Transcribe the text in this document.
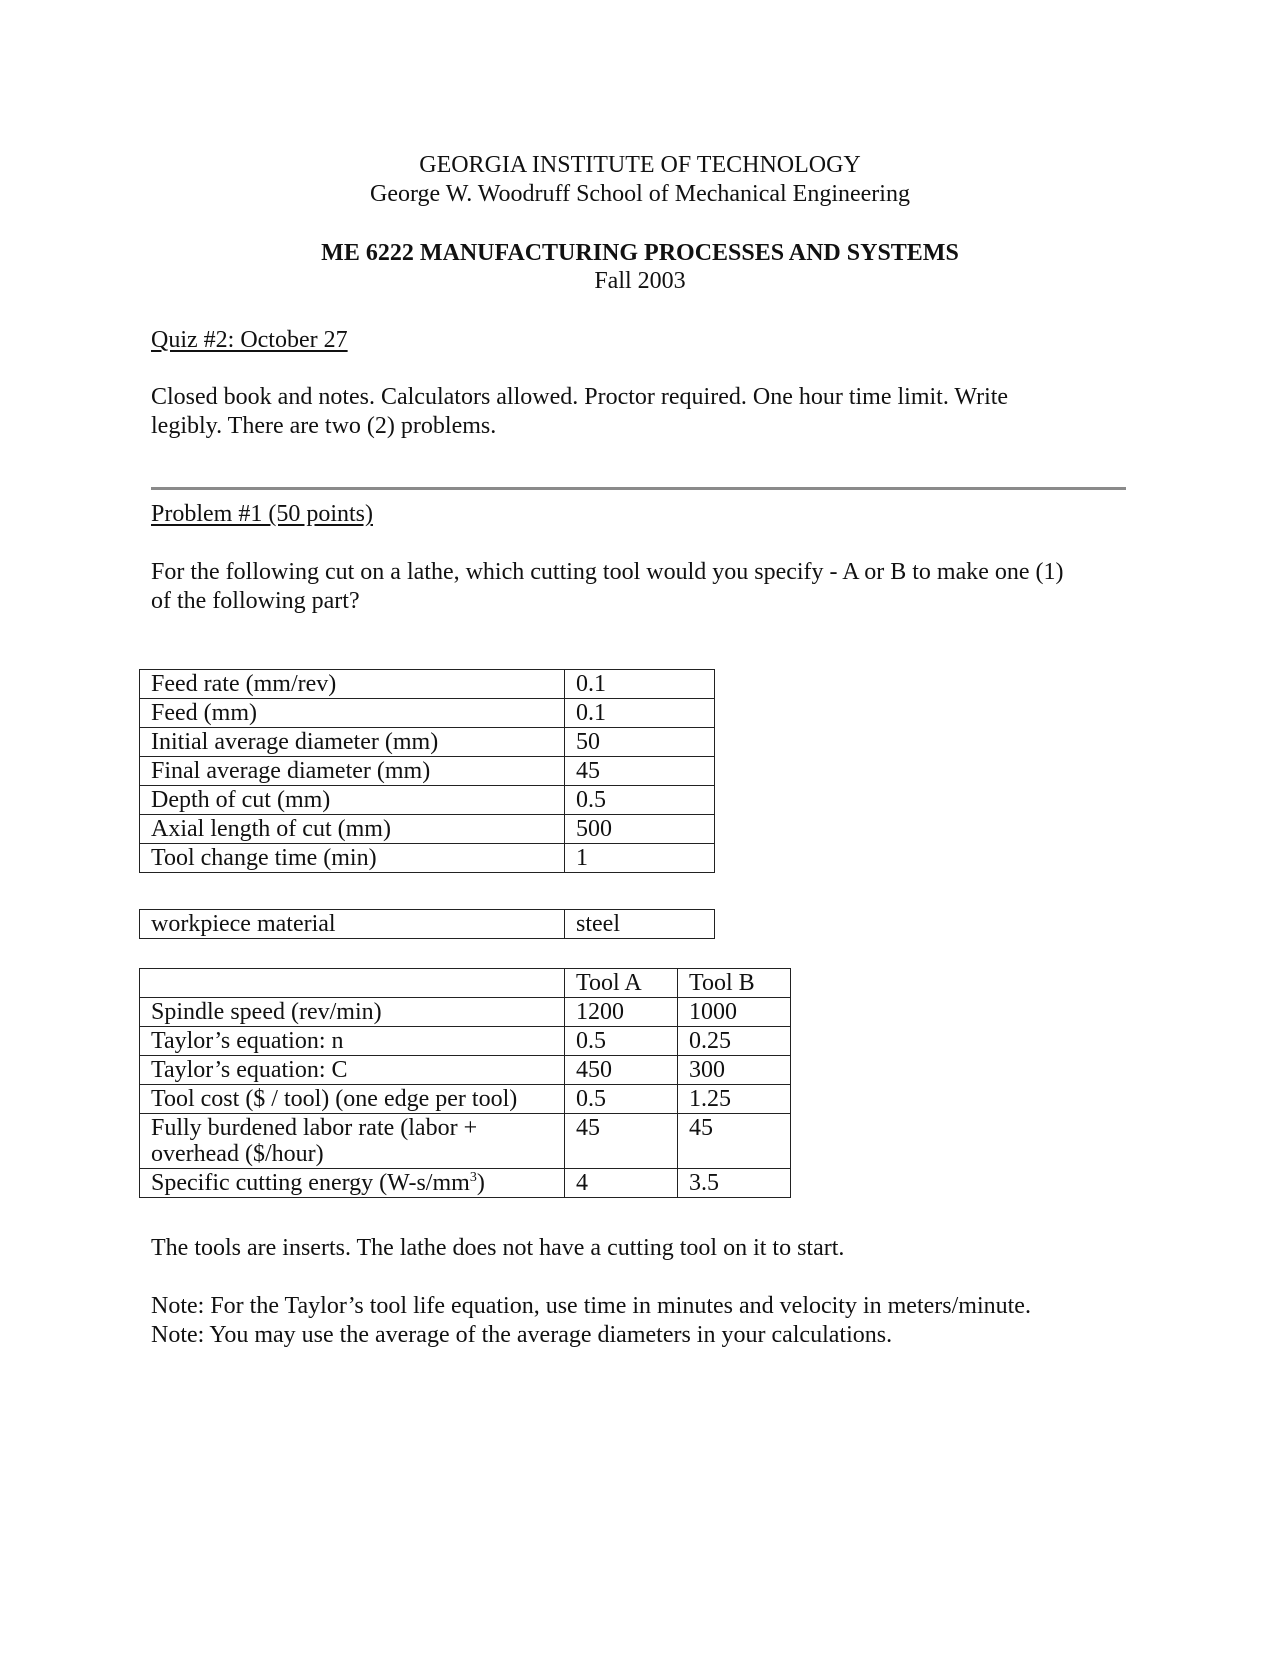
GEORGIA INSTITUTE OF TECHNOLOGY
George W. Woodruff School of Mechanical Engineering
ME 6222 MANUFACTURING PROCESSES AND SYSTEMS
Fall 2003
Quiz #2: October 27
Closed book and notes. Calculators allowed. Proctor required. One hour time limit. Write
legibly. There are two (2) problems.
Problem #1 (50 points)
For the following cut on a lathe, which cutting tool would you specify - A or B to make one (1)
of the following part?
Feed rate (mm/rev)	0.1
Feed (mm)	0.1
Initial average diameter (mm)	50
Final average diameter (mm)	45
Depth of cut (mm)	0.5
Axial length of cut (mm)	500
Tool change time (min)	1
workpiece material	steel
	Tool A	Tool B
Spindle speed (rev/min)	1200	1000
Taylor’s equation: n	0.5	0.25
Taylor’s equation: C	450	300
Tool cost ($ / tool) (one edge per tool)	0.5	1.25

Fully burdened labor rate (labor +
overhead ($/hour)	45	45
Specific cutting energy $(W-s/mm^3)$	4	3.5
The tools are inserts. The lathe does not have a cutting tool on it to start.
Note: For the Taylor’s tool life equation, use time in minutes and velocity in meters/minute.
Note: You may use the average of the average diameters in your calculations.
